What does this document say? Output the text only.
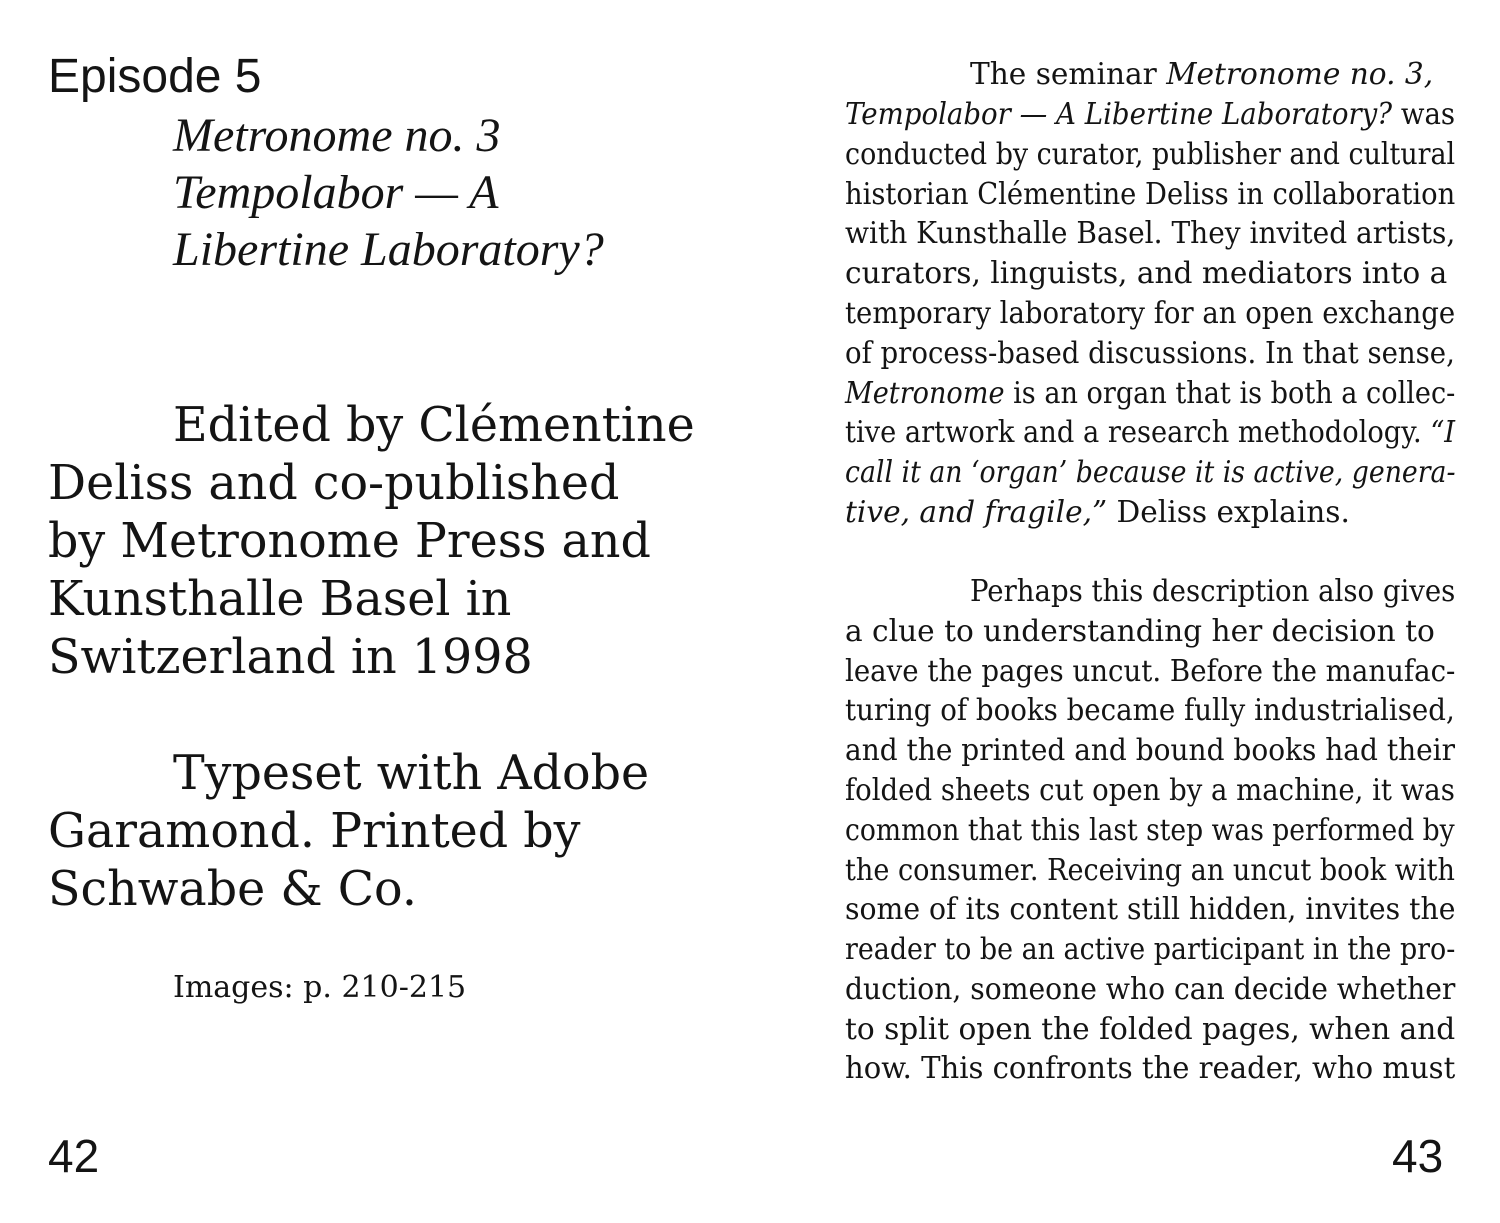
Episode 5

Metronome no. 3

Tempolabor — A

Libertine Laboratory?

Edited by Clémentine

Deliss and co-published

by Metronome Press and

Kunsthalle Basel in

Switzerland in 1998

Typeset with Adobe

Garamond. Printed by

Schwabe & Co.

Images: p. 210-215

42

The seminar Metronome no. 3,

Tempolabor — A Libertine Laboratory? was

conducted by curator, publisher and cultural

historian Clémentine Deliss in collaboration

with Kunsthalle Basel. They invited artists,

curators, linguists, and mediators into a

temporary laboratory for an open exchange

of process-based discussions. In that sense,

Metronome is an organ that is both a collec-

tive artwork and a research methodology. “I

call it an ‘organ’ because it is active, genera-

tive, and fragile,” Deliss explains.

Perhaps this description also gives

a clue to understanding her decision to

leave the pages uncut. Before the manufac-

turing of books became fully industrialised,

and the printed and bound books had their

folded sheets cut open by a machine, it was

common that this last step was performed by

the consumer. Receiving an uncut book with

some of its content still hidden, invites the

reader to be an active participant in the pro-

duction, someone who can decide whether

to split open the folded pages, when and

how. This confronts the reader, who must

43
